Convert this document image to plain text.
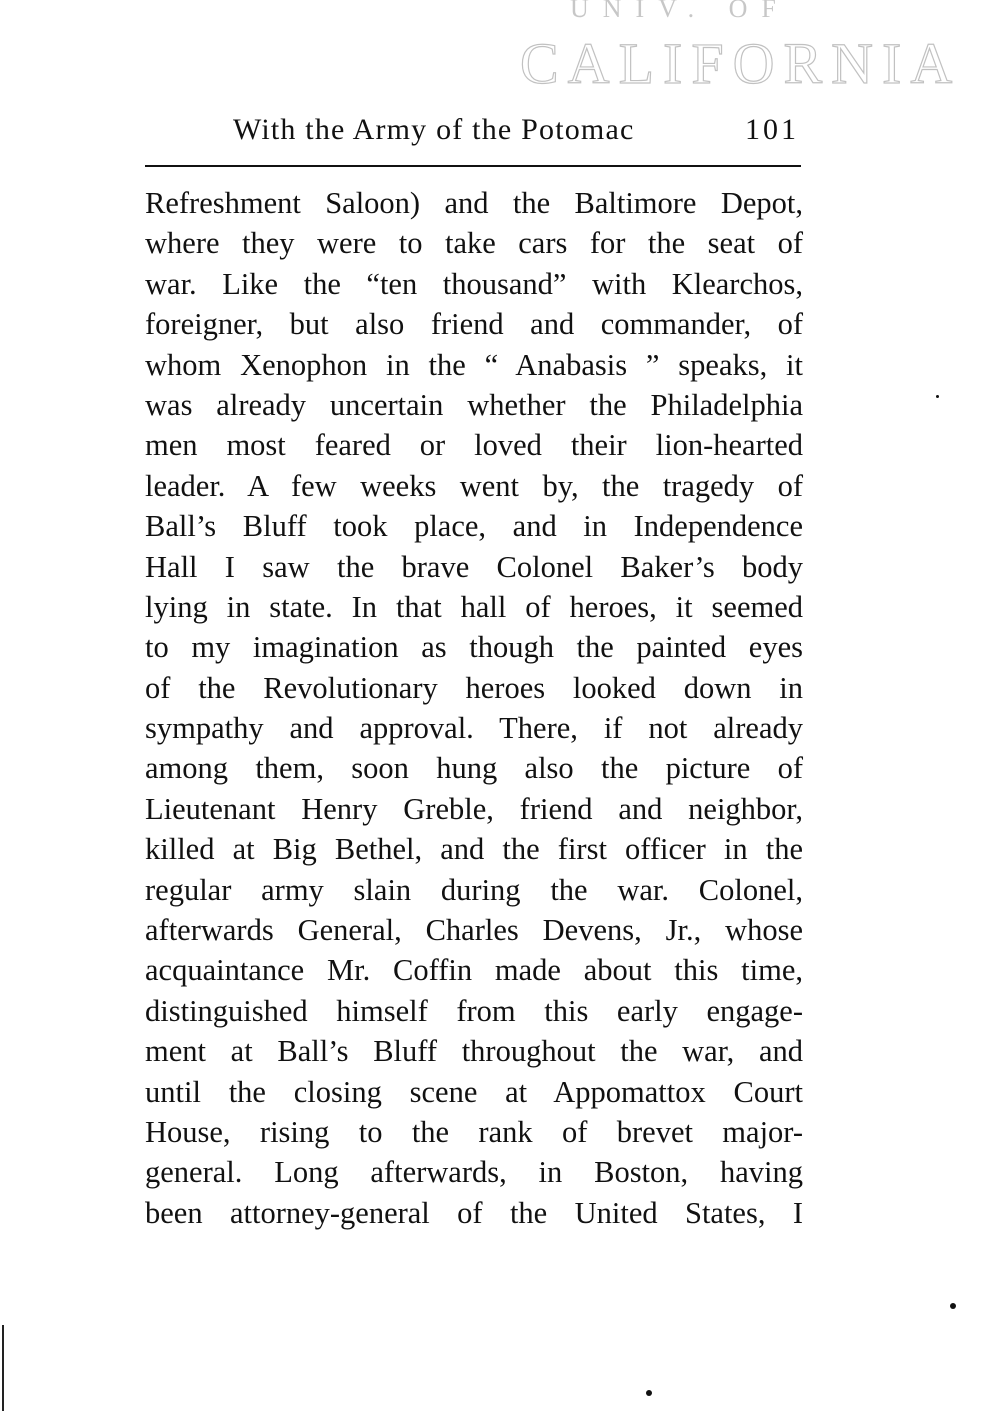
UNIV. OF
CALIFORNIA
With the Army of the Potomac	101
Refreshment Saloon) and the Baltimore Depot,
where they were to take cars for the seat of
war. Like the “ten thousand” with Klearchos,
foreigner, but also friend and commander, of
whom Xenophon in the “ Anabasis ” speaks, it
was already uncertain whether the Philadelphia
men most feared or loved their lion-hearted
leader. A few weeks went by, the tragedy of
Ball’s Bluff took place, and in Independence
Hall I saw the brave Colonel Baker’s body
lying in state. In that hall of heroes, it seemed
to my imagination as though the painted eyes
of the Revolutionary heroes looked down in
sympathy and approval. There, if not already
among them, soon hung also the picture of
Lieutenant Henry Greble, friend and neighbor,
killed at Big Bethel, and the first officer in the
regular army slain during the war. Colonel,
afterwards General, Charles Devens, Jr., whose
acquaintance Mr. Coffin made about this time,
distinguished himself from this early engage-
ment at Ball’s Bluff throughout the war, and
until the closing scene at Appomattox Court
House, rising to the rank of brevet major-
general. Long afterwards, in Boston, having
been attorney-general of the United States, I
